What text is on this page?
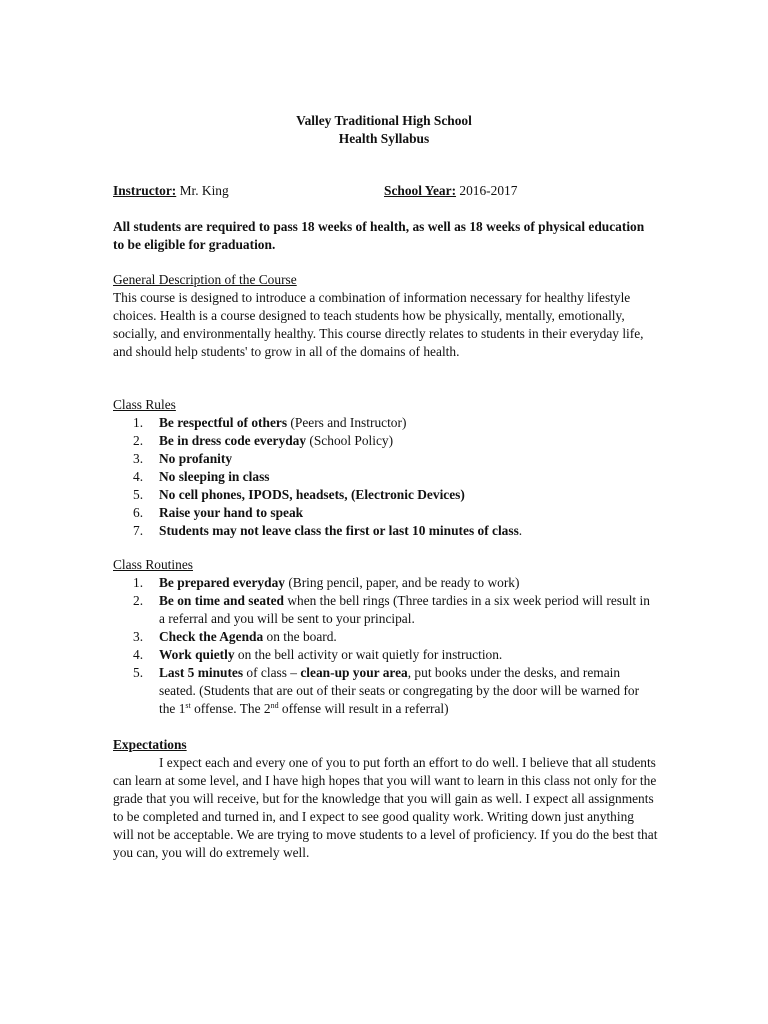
Valley Traditional High School
Health Syllabus
Instructor: Mr. King	School Year: 2016-2017
All students are required to pass 18 weeks of health, as well as 18 weeks of physical education to be eligible for graduation.
General Description of the Course
This course is designed to introduce a combination of information necessary for healthy lifestyle choices. Health is a course designed to teach students how be physically, mentally, emotionally, socially, and environmentally healthy. This course directly relates to students in their everyday life, and should help students' to grow in all of the domains of health.
Class Rules
1. Be respectful of others (Peers and Instructor)
2. Be in dress code everyday (School Policy)
3. No profanity
4. No sleeping in class
5. No cell phones, IPODS, headsets, (Electronic Devices)
6. Raise your hand to speak
7. Students may not leave class the first or last 10 minutes of class.
Class Routines
1. Be prepared everyday (Bring pencil, paper, and be ready to work)
2. Be on time and seated when the bell rings (Three tardies in a six week period will result in a referral and you will be sent to your principal.
3. Check the Agenda on the board.
4. Work quietly on the bell activity or wait quietly for instruction.
5. Last 5 minutes of class – clean-up your area, put books under the desks, and remain seated. (Students that are out of their seats or congregating by the door will be warned for the 1st offense. The 2nd offense will result in a referral)
Expectations

I expect each and every one of you to put forth an effort to do well. I believe that all students can learn at some level, and I have high hopes that you will want to learn in this class not only for the grade that you will receive, but for the knowledge that you will gain as well. I expect all assignments to be completed and turned in, and I expect to see good quality work. Writing down just anything will not be acceptable. We are trying to move students to a level of proficiency. If you do the best that you can, you will do extremely well.
